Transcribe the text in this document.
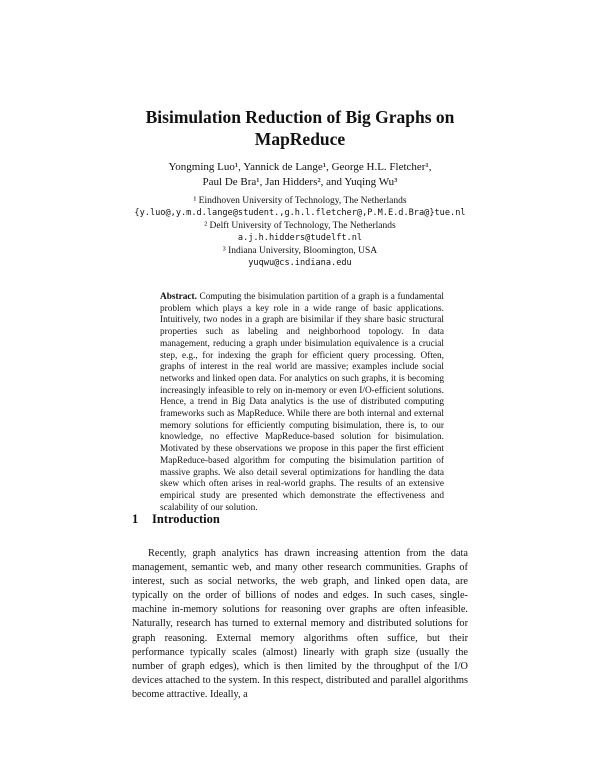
Bisimulation Reduction of Big Graphs on
MapReduce
Yongming Luo¹, Yannick de Lange¹, George H.L. Fletcher¹,
Paul De Bra¹, Jan Hidders², and Yuqing Wu³
¹ Eindhoven University of Technology, The Netherlands
{y.luo@,y.m.d.lange@student.,g.h.l.fletcher@,P.M.E.d.Bra@}tue.nl
² Delft University of Technology, The Netherlands
a.j.h.hidders@tudelft.nl
³ Indiana University, Bloomington, USA
yuqwu@cs.indiana.edu

Abstract. Computing the bisimulation partition of a graph is a fundamental problem which plays a key role in a wide range of basic applications. Intuitively, two nodes in a graph are bisimilar if they share basic structural properties such as labeling and neighborhood topology. In data management, reducing a graph under bisimulation equivalence is a crucial step, e.g., for indexing the graph for efficient query processing. Often, graphs of interest in the real world are massive; examples include social networks and linked open data. For analytics on such graphs, it is becoming increasingly infeasible to rely on in-memory or even I/O-efficient solutions. Hence, a trend in Big Data analytics is the use of distributed computing frameworks such as MapReduce. While there are both internal and external memory solutions for efficiently computing bisimulation, there is, to our knowledge, no effective MapReduce-based solution for bisimulation. Motivated by these observations we propose in this paper the first efficient MapReduce-based algorithm for computing the bisimulation partition of massive graphs. We also detail several optimizations for handling the data skew which often arises in real-world graphs. The results of an extensive empirical study are presented which demonstrate the effectiveness and scalability of our solution.

1 Introduction

Recently, graph analytics has drawn increasing attention from the data management, semantic web, and many other research communities. Graphs of interest, such as social networks, the web graph, and linked open data, are typically on the order of billions of nodes and edges. In such cases, single-machine in-memory solutions for reasoning over graphs are often infeasible. Naturally, research has turned to external memory and distributed solutions for graph reasoning. External memory algorithms often suffice, but their performance typically scales (almost) linearly with graph size (usually the number of graph edges), which is then limited by the throughput of the I/O devices attached to the system. In this respect, distributed and parallel algorithms become attractive. Ideally, a
